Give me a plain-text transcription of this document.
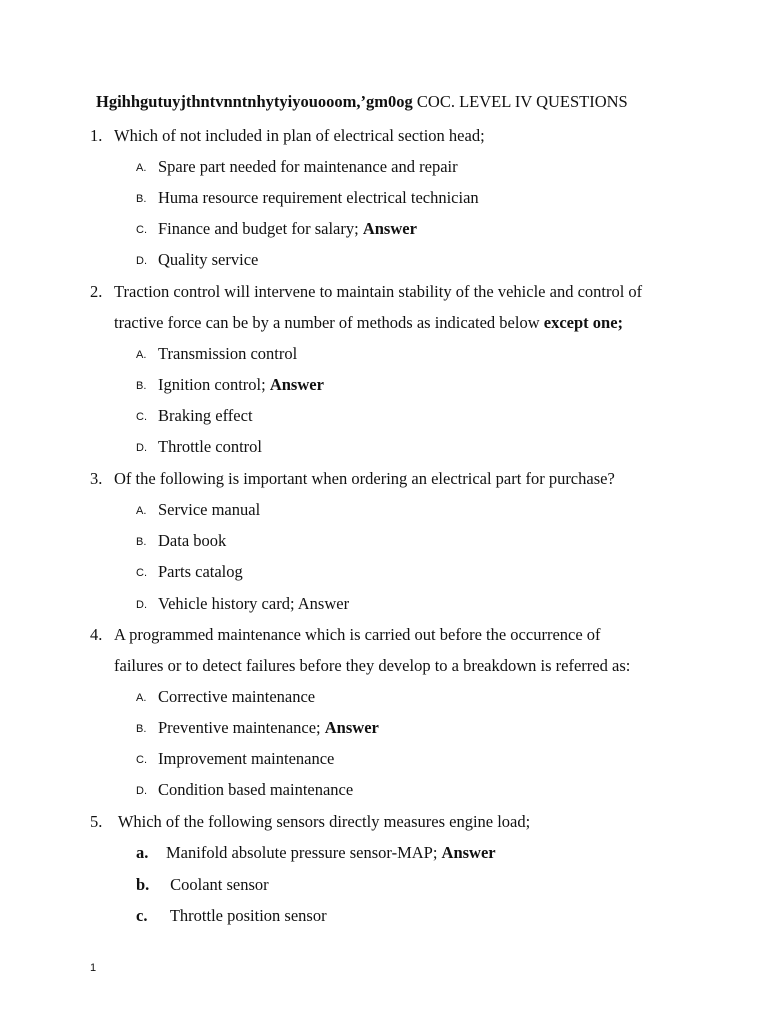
Hgihhgutuyjthntvnntnhytyiyouooom,’gm0og COC. LEVEL IV QUESTIONS
1. Which of not included in plan of electrical section head;
A. Spare part needed for maintenance and repair
B. Huma resource requirement electrical technician
C. Finance and budget for salary; Answer
D. Quality service
2. Traction control will intervene to maintain stability of the vehicle and control of
tractive force can be by a number of methods as indicated below except one;
A. Transmission control
B. Ignition control; Answer
C. Braking effect
D. Throttle control
3. Of the following is important when ordering an electrical part for purchase?
A. Service manual
B. Data book
C. Parts catalog
D. Vehicle history card; Answer
4. A programmed maintenance which is carried out before the occurrence of
failures or to detect failures before they develop to a breakdown is referred as:
A. Corrective maintenance
B. Preventive maintenance; Answer
C. Improvement maintenance
D. Condition based maintenance
5. Which of the following sensors directly measures engine load;
a. Manifold absolute pressure sensor-MAP; Answer
b. Coolant sensor
c. Throttle position sensor
1
